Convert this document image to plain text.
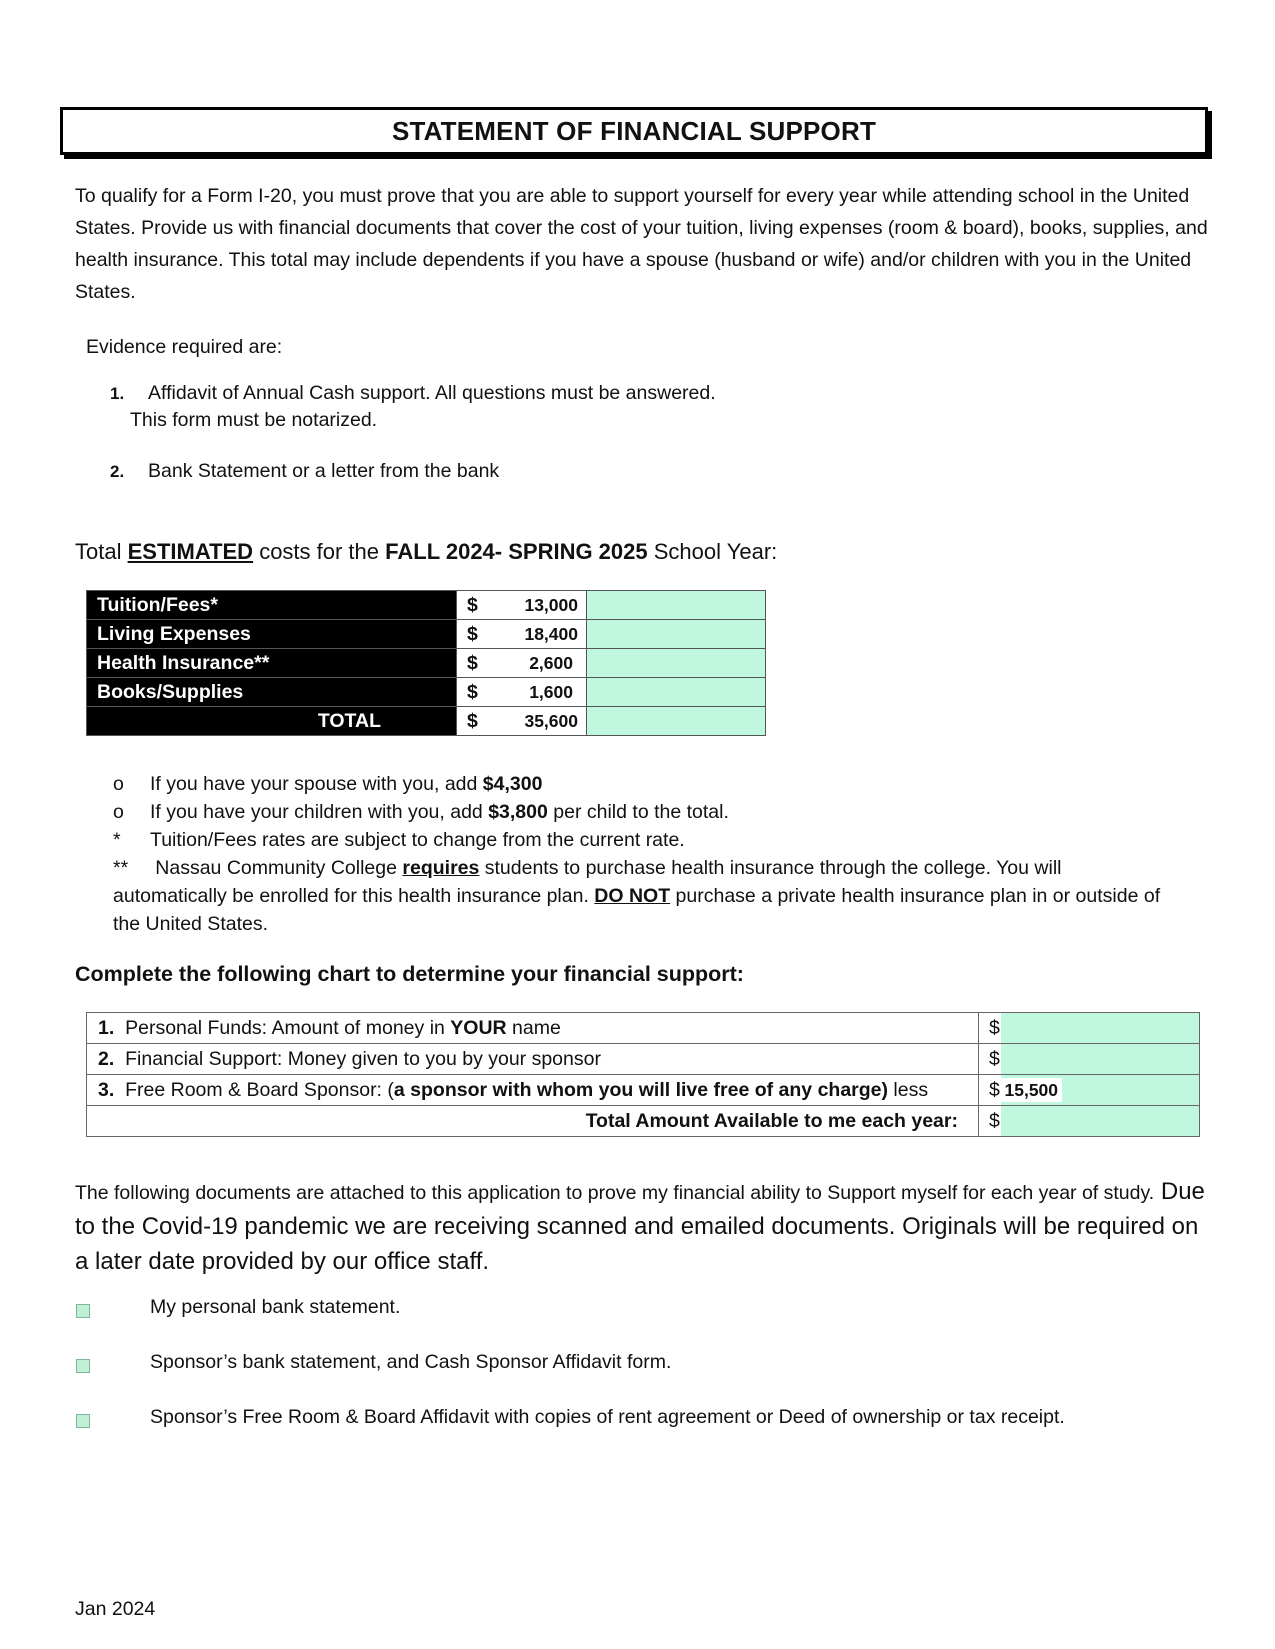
STATEMENT OF FINANCIAL SUPPORT

To qualify for a Form I-20, you must prove that you are able to support yourself for every year while attending school in the United States. Provide us with financial documents that cover the cost of your tuition, living expenses (room & board), books, supplies, and health insurance. This total may include dependents if you have a spouse (husband or wife) and/or children with you in the United States.

Evidence required are:
1. Affidavit of Annual Cash support. All questions must be answered.
This form must be notarized.
2. Bank Statement or a letter from the bank
Total ESTIMATED costs for the FALL 2024- SPRING 2025 School Year:
Tuition/Fees*	$ 13,000	

Living Expenses	$ 18,400	

Health Insurance**	$ 2,600	

Books/Supplies	$ 1,600	

TOTAL	$ 35,600	

o	If you have your spouse with you, add $4,300
o	If you have your children with you, add $3,800 per child to the total.
*	Tuition/Fees rates are subject to change from the current rate.
** Nassau Community College requires students to purchase health insurance through the college. You will automatically be enrolled for this health insurance plan. DO NOT purchase a private health insurance plan in or outside of the United States.
Complete the following chart to determine your financial support:
1. Personal Funds: Amount of money in YOUR name	$	
2. Financial Support: Money given to you by your sponsor	$	
3. Free Room & Board Sponsor: (a sponsor with whom you will live free of any charge) less	$	15,500
Total Amount Available to me each year:	$	
The following documents are attached to this application to prove my financial ability to Support myself for each year of study. Due to the Covid-19 pandemic we are receiving scanned and emailed documents. Originals will be required on a later date provided by our office staff.
My personal bank statement.
Sponsor’s bank statement, and Cash Sponsor Affidavit form.
Sponsor’s Free Room & Board Affidavit with copies of rent agreement or Deed of ownership or tax receipt.
Jan 2024
